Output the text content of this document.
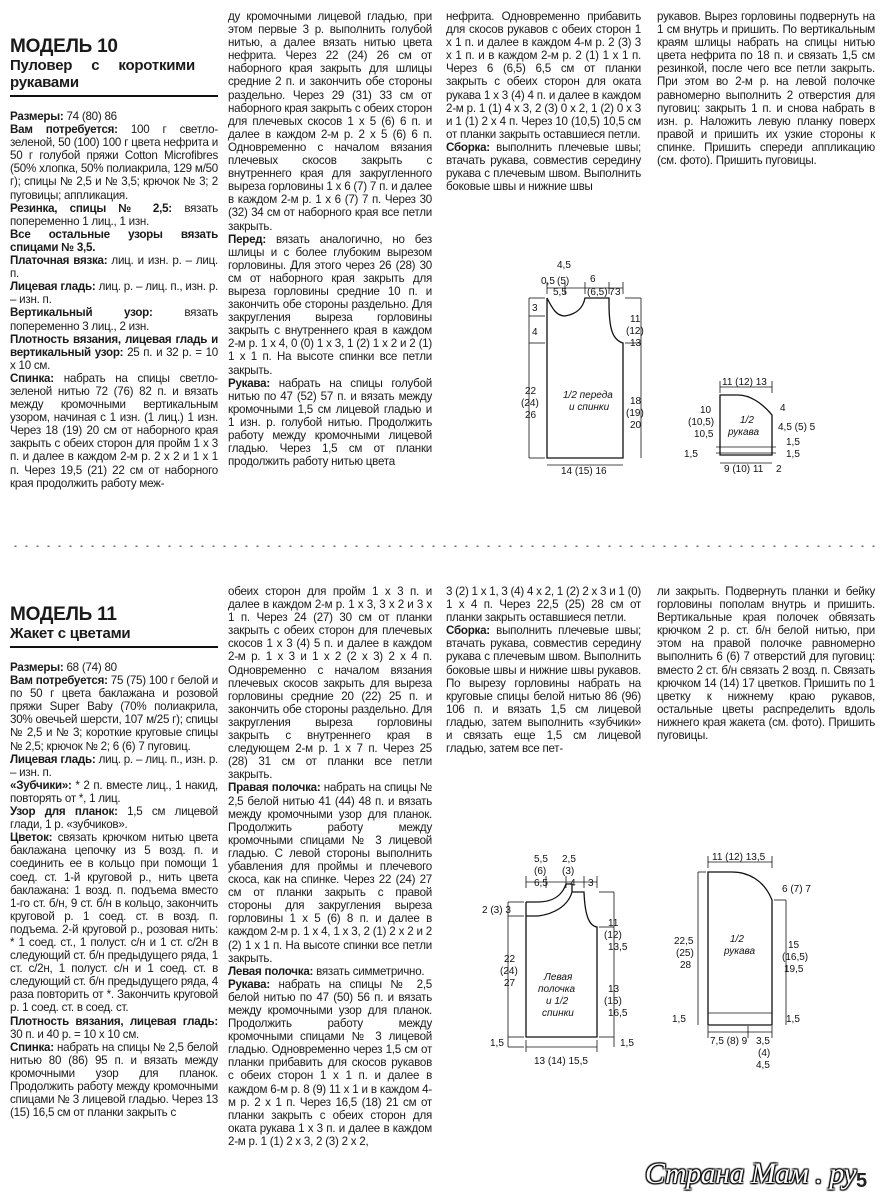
МОДЕЛЬ 10
Пуловер с короткими рукавами

Размеры: 74 (80) 86

Вам потребуется: 100 г светло-зеленой, 50 (100) 100 г цвета нефрита и 50 г голубой пряжи Cotton Microfibres (50% хлопка, 50% полиакрила, 129 м/50 г); спицы № 2,5 и № 3,5; крючок № 3; 2 пуговицы; аппликация.

Резинка, спицы № 2,5: вязать попеременно 1 лиц., 1 изн.

Все остальные узоры вязать спицами № 3,5.

Платочная вязка: лиц. и изн. р. – лиц. п.

Лицевая гладь: лиц. р. – лиц. п., изн. р. – изн. п.

Вертикальный узор: вязать попеременно 3 лиц., 2 изн.

Плотность вязания, лицевая гладь и вертикальный узор: 25 п. и 32 р. = 10 х 10 см.

Спинка: набрать на спицы светло-зеленой нитью 72 (76) 82 п. и вязать между кромочными вертикальным узором, начиная с 1 изн. (1 лиц.) 1 изн. Через 18 (19) 20 см от наборного края закрыть с обеих сторон для пройм 1 х 3 п. и далее в каждом 2-м р. 2 х 2 и 1 х 1 п. Через 19,5 (21) 22 см от наборного края продолжить работу меж-

ду кромочными лицевой гладью, при этом первые 3 р. выполнить голубой нитью, а далее вязать нитью цвета нефрита. Через 22 (24) 26 см от наборного края закрыть для шлицы средние 2 п. и закончить обе стороны раздельно. Через 29 (31) 33 см от наборного края закрыть с обеих сторон для плечевых скосов 1 х 5 (6) 6 п. и далее в каждом 2-м р. 2 х 5 (6) 6 п. Одновременно с началом вязания плечевых скосов закрыть с внутреннего края для закругленного выреза горловины 1 х 6 (7) 7 п. и далее в каждом 2-м р. 1 х 6 (7) 7 п. Через 30 (32) 34 см от наборного края все петли закрыть.

Перед: вязать аналогично, но без шлицы и с более глубоким вырезом горловины. Для этого через 26 (28) 30 см от наборного края закрыть для выреза горловины средние 10 п. и закончить обе стороны раздельно. Для закругления выреза горловины закрыть с внутреннего края в каждом 2-м р. 1 х 4, 0 (0) 1 х 3, 1 (2) 1 х 2 и 2 (1) 1 х 1 п. На высоте спинки все петли закрыть.

Рукава: набрать на спицы голубой нитью по 47 (52) 57 п. и вязать между кромочными 1,5 см лицевой гладью и 1 изн. р. голубой нитью. Продолжить работу между кромочными лицевой гладью. Через 1,5 см от планки продолжить работу нитью цвета

нефрита. Одновременно прибавить для скосов рукавов с обеих сторон 1 х 1 п. и далее в каждом 4-м р. 2 (3) 3 х 1 п. и в каждом 2-м р. 2 (1) 1 х 1 п. Через 6 (6,5) 6,5 см от планки закрыть с обеих сторон для оката рукава 1 х 3 (4) 4 п. и далее в каждом 2-м р. 1 (1) 4 х 3, 2 (3) 0 х 2, 1 (2) 0 х 3 и 1 (1) 2 х 4 п. Через 10 (10,5) 10,5 см от планки закрыть оставшиеся петли.

Сборка: выполнить плечевые швы; втачать рукава, совместив середину рукава с плечевым швом. Выполнить боковые швы и нижние швы

рукавов. Вырез горловины подвернуть на 1 см внутрь и пришить. По вертикальным краям шлицы набрать на спицы нитью цвета нефрита по 18 п. и связать 1,5 см резинкой, после чего все петли закрыть. При этом во 2-м р. на левой полочке равномерно выполнить 2 отверстия для пуговиц: закрыть 1 п. и снова набрать в изн. р. Наложить левую планку поверх правой и пришить их узкие стороны к спинке. Пришить спереди аппликацию (см. фото). Пришить пуговицы.

4,5
0,5 (5)
5,5
6
(6,5) 7 3
3
4
11
(12)
13
22
(24)
26
1/2 переда
и спинки
18
(19)
20
14 (15) 16
11 (12) 13
10
(10,5)
10,5
1/2
рукава
4
4,5 (5) 5
1,5
1,5
1,5
9 (10) 11 2
МОДЕЛЬ 11
Жакет с цветами

Размеры: 68 (74) 80

Вам потребуется: 75 (75) 100 г белой и по 50 г цвета баклажана и розовой пряжи Super Baby (70% полиакрила, 30% овечьей шерсти, 107 м/25 г); спицы № 2,5 и № 3; короткие круговые спицы № 2,5; крючок № 2; 6 (6) 7 пуговиц.

Лицевая гладь: лиц. р. – лиц. п., изн. р. – изн. п.

«Зубчики»: * 2 п. вместе лиц., 1 накид, повторять от *, 1 лиц.

Узор для планок: 1,5 см лицевой глади, 1 р. «зубчиков».

Цветок: связать крючком нитью цвета баклажана цепочку из 5 возд. п. и соединить ее в кольцо при помощи 1 соед. ст. 1-й круговой р., нить цвета баклажана: 1 возд. п. подъема вместо 1-го ст. б/н, 9 ст. б/н в кольцо, закончить круговой р. 1 соед. ст. в возд. п. подъема. 2-й круговой р., розовая нить: * 1 соед. ст., 1 полуст. с/н и 1 ст. с/2н в следующий ст. б/н предыдущего ряда, 1 ст. с/2н, 1 полуст. с/н и 1 соед. ст. в следующий ст. б/н предыдущего ряда, 4 раза повторить от *. Закончить круговой р. 1 соед. ст. в соед. ст.

Плотность вязания, лицевая гладь: 30 п. и 40 р. = 10 х 10 см.

Спинка: набрать на спицы № 2,5 белой нитью 80 (86) 95 п. и вязать между кромочными узор для планок. Продолжить работу между кромочными спицами № 3 лицевой гладью. Через 13 (15) 16,5 см от планки закрыть с

обеих сторон для пройм 1 х 3 п. и далее в каждом 2-м р. 1 х 3, 3 х 2 и 3 х 1 п. Через 24 (27) 30 см от планки закрыть с обеих сторон для плечевых скосов 1 х 3 (4) 5 п. и далее в каждом 2-м р. 1 х 3 и 1 х 2 (2 х 3) 2 х 4 п. Одновременно с началом вязания плечевых скосов закрыть для выреза горловины средние 20 (22) 25 п. и закончить обе стороны раздельно. Для закругления выреза горловины закрыть с внутреннего края в следующем 2-м р. 1 х 7 п. Через 25 (28) 31 см от планки все петли закрыть.

Правая полочка: набрать на спицы № 2,5 белой нитью 41 (44) 48 п. и вязать между кромочными узор для планок. Продолжить работу между кромочными спицами № 3 лицевой гладью. С левой стороны выполнить убавления для проймы и плечевого скоса, как на спинке. Через 22 (24) 27 см от планки закрыть с правой стороны для закругления выреза горловины 1 х 5 (6) 8 п. и далее в каждом 2-м р. 1 х 4, 1 х 3, 2 (1) 2 х 2 и 2 (2) 1 х 1 п. На высоте спинки все петли закрыть.

Левая полочка: вязать симметрично.

Рукава: набрать на спицы № 2,5 белой нитью по 47 (50) 56 п. и вязать между кромочными узор для планок. Продолжить работу между кромочными спицами № 3 лицевой гладью. Одновременно через 1,5 см от планки прибавить для скосов рукавов с обеих сторон 1 х 1 п. и далее в каждом 6-м р. 8 (9) 11 х 1 и в каждом 4-м р. 2 х 1 п. Через 16,5 (18) 21 см от планки закрыть с обеих сторон для оката рукава 1 х 3 п. и далее в каждом 2-м р. 1 (1) 2 х 3, 2 (3) 2 х 2,

3 (2) 1 х 1, 3 (4) 4 х 2, 1 (2) 2 х 3 и 1 (0) 1 х 4 п. Через 22,5 (25) 28 см от планки закрыть оставшиеся петли.

Сборка: выполнить плечевые швы; втачать рукава, совместив середину рукава с плечевым швом. Выполнить боковые швы и нижние швы рукавов. По вырезу горловины набрать на круговые спицы белой нитью 86 (96) 106 п. и вязать 1,5 см лицевой гладью, затем выполнить «зубчики» и связать еще 1,5 см лицевой гладью, затем все пет-

ли закрыть. Подвернуть планки и бейку горловины пополам внутрь и пришить. Вертикальные края полочек обвязать крючком 2 р. ст. б/н белой нитью, при этом на правой полочке равномерно выполнить 6 (6) 7 отверстий для пуговиц: вместо 2 ст. б/н связать 2 возд. п. Связать крючком 14 (14) 17 цветков. Пришить по 1 цветку к нижнему краю рукавов, остальные цветы распределить вдоль нижнего края жакета (см. фото). Пришить пуговицы.

5,5
(6)
6,5
2,5
(3)
4 3
2 (3) 3
11
(12)
13,5
22
(24)
27
Левая
полочка
и 1/2
спинки
13
(15)
16,5
1,5	1,5
13 (14) 15,5
11 (12) 13,5
6 (7) 7
22,5
(25)
28
1/2
рукава
15
(16,5)
19,5
1,5	1,5
7,5 (8) 9 3,5
(4)
4,5
Страна Мам . ру 5
